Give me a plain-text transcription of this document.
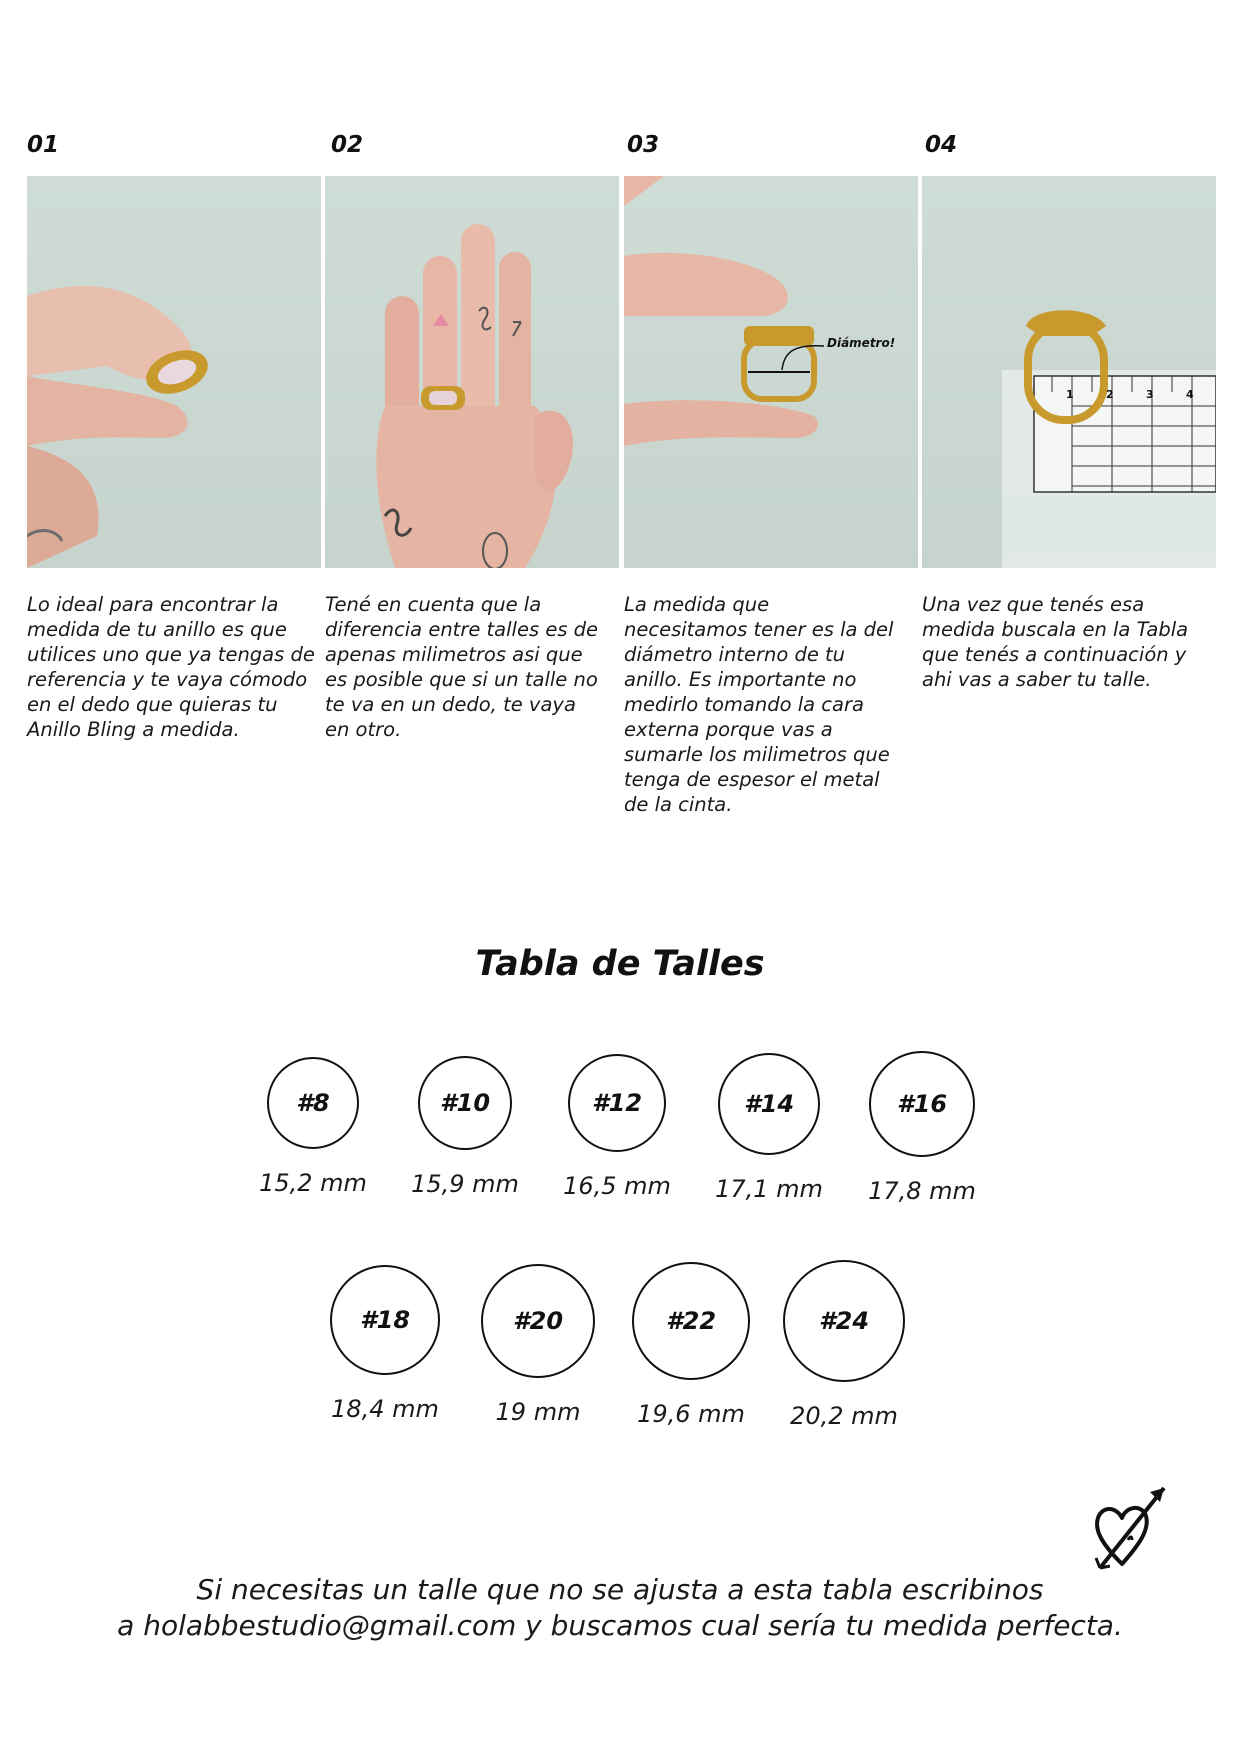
01	02	03	04
Diámetro!
1	2	3	4

Lo ideal para encontrar la medida de tu anillo es que utilices uno que ya tengas de referencia y te vaya cómodo en el dedo que quieras tu Anillo Bling a medida.

Tené en cuenta que la diferencia entre talles es de apenas milimetros asi que es posible que si un talle no te va en un dedo, te vaya en otro.

La medida que necesitamos tener es la del diámetro interno de tu anillo. Es importante no medirlo tomando la cara externa porque vas a sumarle los milimetros que tenga de espesor el metal de la cinta.

Una vez que tenés esa medida buscala en la Tabla que tenés a continuación y ahi vas a saber tu talle.

Tabla de Talles
#8
15,2 mm
#10
15,9 mm
#12
16,5 mm
#14
17,1 mm
#16
17,8 mm
#18
18,4 mm
#20
19 mm
#22
19,6 mm
#24
20,2 mm

Si necesitas un talle que no se ajusta a esta tabla escribinos
a holabbestudio@gmail.com y buscamos cual sería tu medida perfecta.
